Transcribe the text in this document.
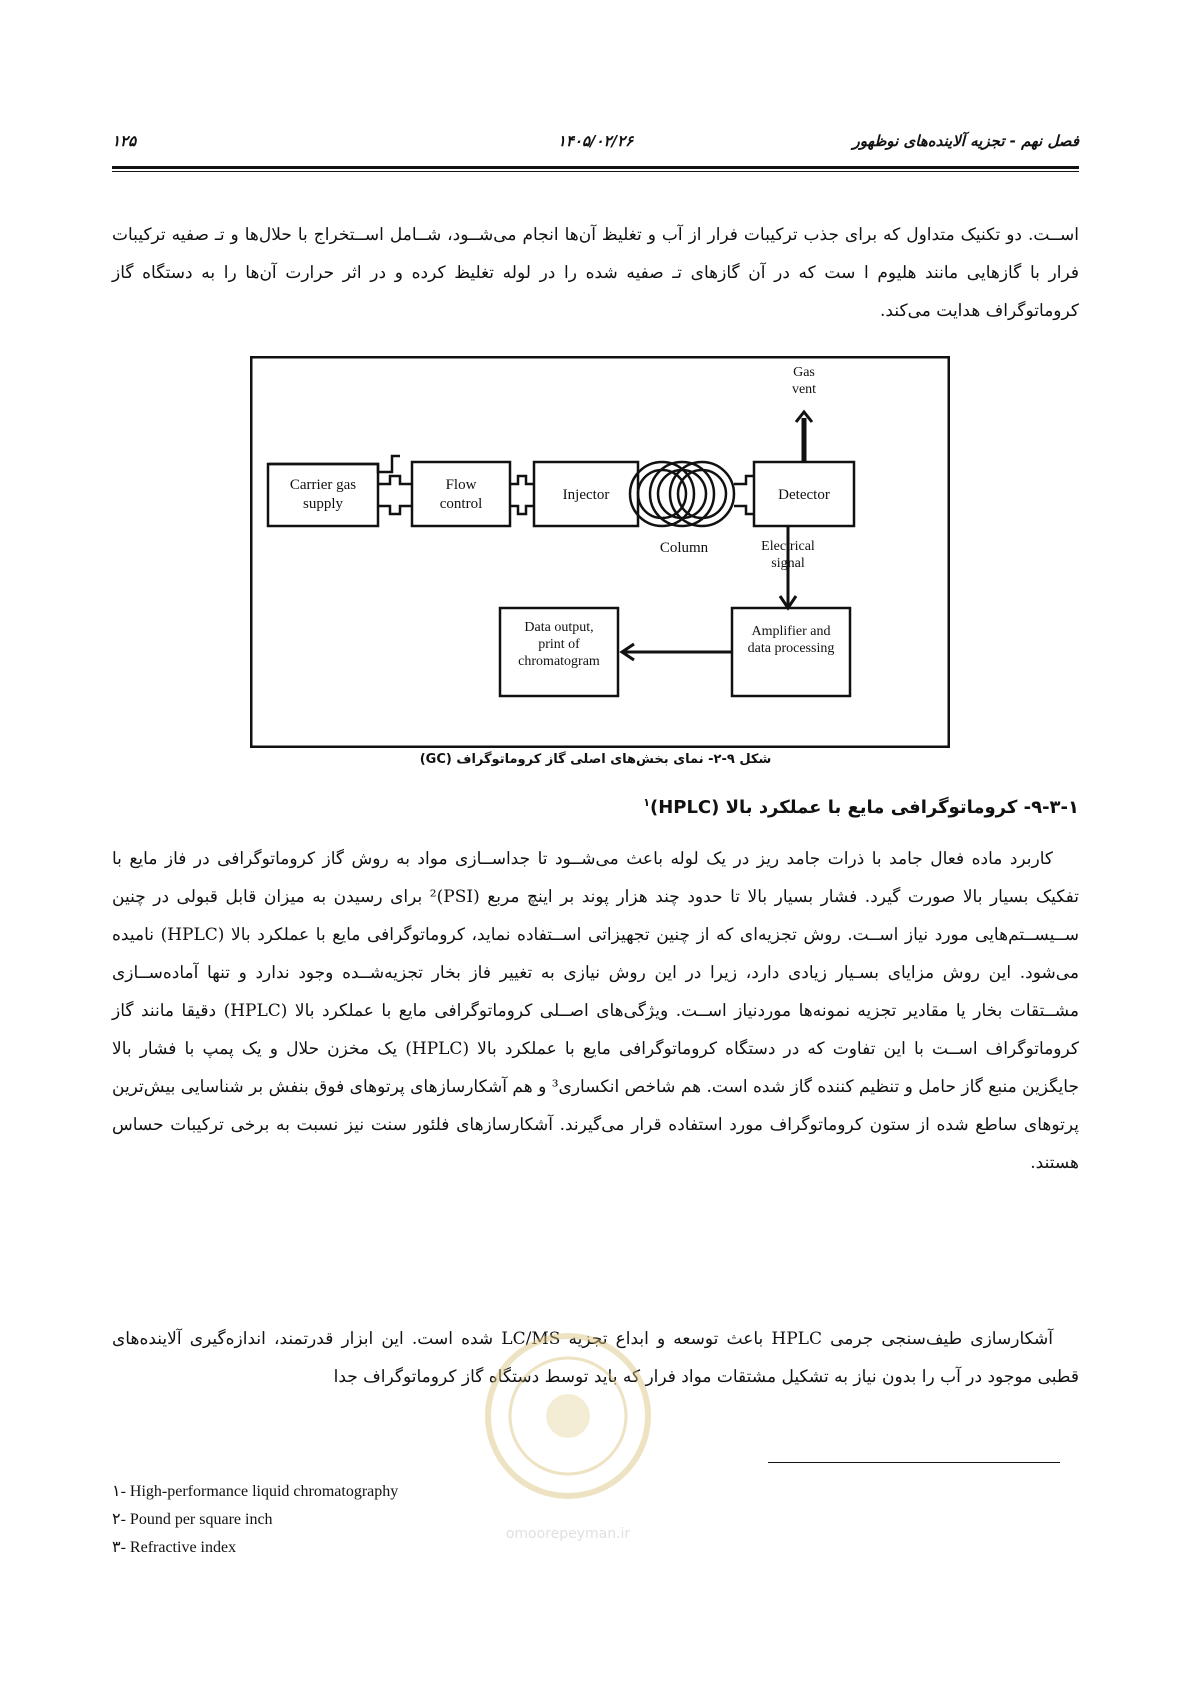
فصل نهم - تجزیه آلاینده‌های نوظهور
۱۴۰۵/۰۲/۲۶
۱۲۵
اســت. دو تکنیک متداول که برای جذب ترکیبات فرار از آب و تغلیظ آن‌ها انجام می‌شــود، شــامل اســتخراج با حلال‌ها و تـ صفیه ترکیبات فرار با گازهایی مانند هلیوم ا ست که در آن گازهای تـ صفیه شده را در لوله تغلیظ کرده و در اثر حرارت آن‌ها را به دستگاه گاز کروماتوگراف هدایت می‌کند.
Carrier gas
supply
Flow
control
Injector
Column
Detector
Gas
vent
Electrical
signal
Amplifier and
data processing
Data output,
print of
chromatogram
شکل ۹-۲- نمای بخش‌های اصلی گاز کروماتوگراف (GC)
۹-۳-۱- کروماتوگرافی مایع با عملکرد بالا (HPLC)$^۱$
کاربرد ماده فعال جامد با ذرات جامد ریز در یک لوله باعث می‌شــود تا جداســازی مواد به روش گاز کروماتوگرافی در فاز مایع با تفکیک بسیار بالا صورت گیرد. فشار بسیار بالا تا حدود چند هزار پوند بر اینچ مربع (PSI)² برای رسیدن به میزان قابل قبولی در چنین ســیســتم‌هایی مورد نیاز اســت. روش تجزیه‌ای که از چنین تجهیزاتی اســتفاده نماید، کروماتوگرافی مایع با عملکرد بالا (HPLC) نامیده می‌شود. این روش مزایای بسـیار زیادی دارد، زیرا در این روش نیازی به تغییر فاز بخار تجزیه‌شــده وجود ندارد و تنها آماده‌ســازی مشــتقات بخار یا مقادیر تجزیه نمونه‌ها موردنیاز اســت. ویژگی‌های اصــلی کروماتوگرافی مایع با عملکرد بالا (HPLC) دقیقا مانند گاز کروماتوگراف اســت با این تفاوت که در دستگاه کروماتوگرافی مایع با عملکرد بالا (HPLC) یک مخزن حلال و یک پمپ با فشار بالا جایگزین منبع گاز حامل و تنظیم کننده گاز شده است. هم شاخص انکساری³ و هم آشکارسازهای پرتوهای فوق بنفش بر شناسایی بیش‌ترین پرتوهای ساطع شده از ستون کروماتوگراف مورد استفاده قرار می‌گیرند. آشکارسازهای فلئور سنت نیز نسبت به برخی ترکیبات حساس هستند.
آشکارسازی طیف‌سنجی جرمی HPLC باعث توسعه و ابداع تجزیه LC/MS شده است. این ابزار قدرتمند، اندازه‌گیری آلاینده‌های قطبی موجود در آب را بدون نیاز به تشکیل مشتقات مواد فرار که باید توسط دستگاه گاز کروماتوگراف جدا
omoorepeyman.ir
۱- High-performance liquid chromatography
۲- Pound per square inch
۳- Refractive index
